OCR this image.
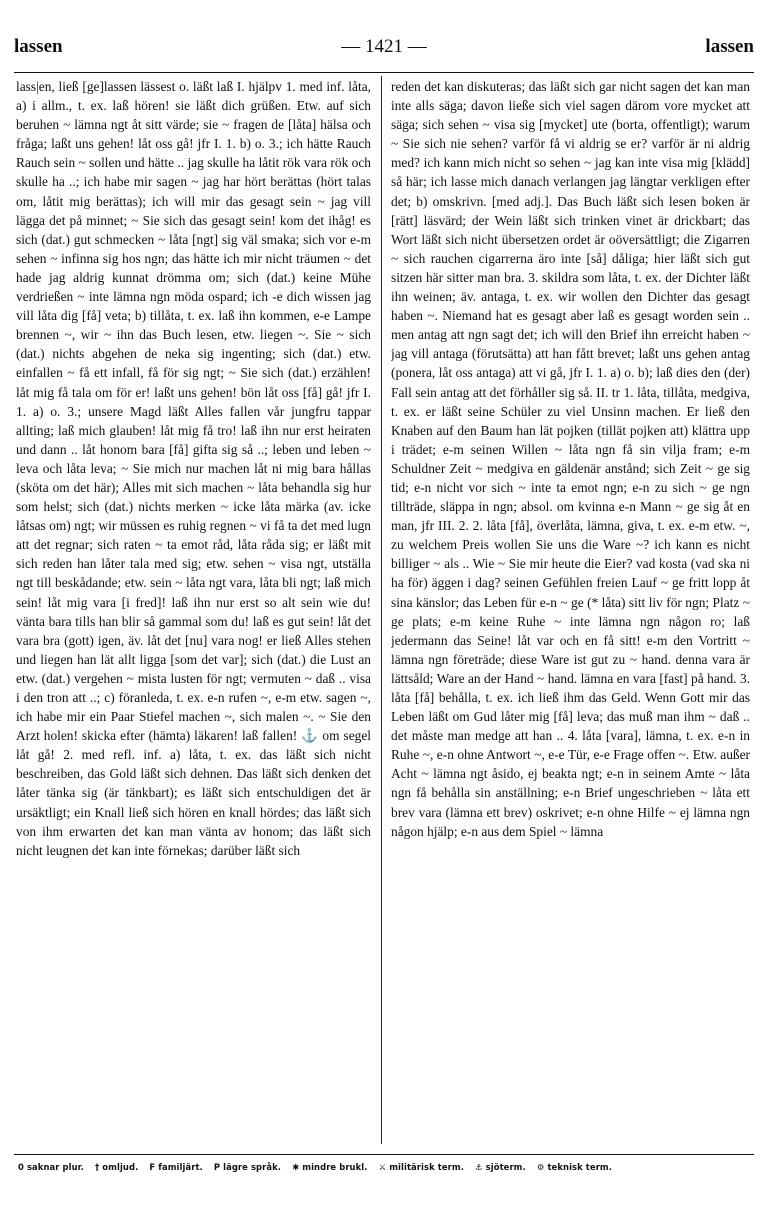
lassen	— 1421 —	lassen

lass|en, ließ [ge]lassen lässest o. läßt laß I. hjälpv 1. med inf. låta, a) i allm., t. ex. laß hören! sie läßt dich grüßen. Etw. auf sich beruhen ~ lämna ngt åt sitt värde; sie ~ fragen de [låta] hälsa och fråga; laßt uns gehen! låt oss gå! jfr I. 1. b) o. 3.; ich hätte Rauch Rauch sein ~ sollen und hätte .. jag skulle ha låtit rök vara rök och skulle ha ..; ich habe mir sagen ~ jag har hört berättas (hört talas om, låtit mig berättas); ich will mir das gesagt sein ~ jag vill lägga det på minnet; ~ Sie sich das gesagt sein! kom det ihåg! es sich (dat.) gut schmecken ~ låta [ngt] sig väl smaka; sich vor e-m sehen ~ infinna sig hos ngn; das hätte ich mir nicht träumen ~ det hade jag aldrig kunnat drömma om; sich (dat.) keine Mühe verdrießen ~ inte lämna ngn möda ospard; ich -e dich wissen jag vill låta dig [få] veta; b) tillåta, t. ex. laß ihn kommen, e-e Lampe brennen ~, wir ~ ihn das Buch lesen, etw. liegen ~. Sie ~ sich (dat.) nichts abgehen de neka sig ingenting; sich (dat.) etw. einfallen ~ få ett infall, få för sig ngt; ~ Sie sich (dat.) erzählen! låt mig få tala om för er! laßt uns gehen! bön låt oss [få] gå! jfr I. 1. a) o. 3.; unsere Magd läßt Alles fallen vår jungfru tappar allting; laß mich glauben! låt mig få tro! laß ihn nur erst heiraten und dann .. låt honom bara [få] gifta sig så ..; leben und leben ~ leva och låta leva; ~ Sie mich nur machen låt ni mig bara hållas (sköta om det här); Alles mit sich machen ~ låta behandla sig hur som helst; sich (dat.) nichts merken ~ icke låta märka (av. icke låtsas om) ngt; wir müssen es ruhig regnen ~ vi få ta det med lugn att det regnar; sich raten ~ ta emot råd, låta råda sig; er läßt mit sich reden han låter tala med sig; etw. sehen ~ visa ngt, utställa ngt till beskådande; etw. sein ~ låta ngt vara, låta bli ngt; laß mich sein! låt mig vara [i fred]! laß ihn nur erst so alt sein wie du! vänta bara tills han blir så gammal som du! laß es gut sein! låt det vara bra (gott) igen, äv. låt det [nu] vara nog! er ließ Alles stehen und liegen han lät allt ligga [som det var]; sich (dat.) die Lust an etw. (dat.) vergehen ~ mista lusten för ngt; vermuten ~ daß .. visa i den tron att ..; c) föranleda, t. ex. e-n rufen ~, e-m etw. sagen ~, ich habe mir ein Paar Stiefel machen ~, sich malen ~. ~ Sie den Arzt holen! skicka efter (hämta) läkaren! laß fallen! ⚓ om segel låt gå! 2. med refl. inf. a) låta, t. ex. das läßt sich nicht beschreiben, das Gold läßt sich dehnen. Das läßt sich denken det låter tänka sig (är tänkbart); es läßt sich entschuldigen det är ursäktligt; ein Knall ließ sich hören en knall hördes; das läßt sich von ihm erwarten det kan man vänta av honom; das läßt sich nicht leugnen det kan inte förnekas; darüber läßt sich

reden det kan diskuteras; das läßt sich gar nicht sagen det kan man inte alls säga; davon ließe sich viel sagen därom vore mycket att säga; sich sehen ~ visa sig [mycket] ute (borta, offentligt); warum ~ Sie sich nie sehen? varför få vi aldrig se er? varför är ni aldrig med? ich kann mich nicht so sehen ~ jag kan inte visa mig [klädd] så här; ich lasse mich danach verlangen jag längtar verkligen efter det; b) omskrivn. [med adj.]. Das Buch läßt sich lesen boken är [rätt] läsvärd; der Wein läßt sich trinken vinet är drickbart; das Wort läßt sich nicht übersetzen ordet är oöversättligt; die Zigarren ~ sich rauchen cigarrerna äro inte [så] dåliga; hier läßt sich gut sitzen här sitter man bra. 3. skildra som låta, t. ex. der Dichter läßt ihn weinen; äv. antaga, t. ex. wir wollen den Dichter das gesagt haben ~. Niemand hat es gesagt aber laß es gesagt worden sein .. men antag att ngn sagt det; ich will den Brief ihn erreicht haben ~ jag vill antaga (förutsätta) att han fått brevet; laßt uns gehen antag (ponera, låt oss antaga) att vi gå, jfr I. 1. a) o. b); laß dies den (der) Fall sein antag att det förhåller sig så. II. tr 1. låta, tillåta, medgiva, t. ex. er läßt seine Schüler zu viel Unsinn machen. Er ließ den Knaben auf den Baum han lät pojken (tillät pojken att) klättra upp i trädet; e-m seinen Willen ~ låta ngn få sin vilja fram; e-m Schuldner Zeit ~ medgiva en gäldenär anstånd; sich Zeit ~ ge sig tid; e-n nicht vor sich ~ inte ta emot ngn; e-n zu sich ~ ge ngn tillträde, släppa in ngn; absol. om kvinna e-n Mann ~ ge sig åt en man, jfr III. 2. 2. låta [få], överlåta, lämna, giva, t. ex. e-m etw. ~, zu welchem Preis wollen Sie uns die Ware ~? ich kann es nicht billiger ~ als .. Wie ~ Sie mir heute die Eier? vad kosta (vad ska ni ha för) äggen i dag? seinen Gefühlen freien Lauf ~ ge fritt lopp åt sina känslor; das Leben für e-n ~ ge (* låta) sitt liv för ngn; Platz ~ ge plats; e-m keine Ruhe ~ inte lämna ngn någon ro; laß jedermann das Seine! låt var och en få sitt! e-m den Vortritt ~ lämna ngn företräde; diese Ware ist gut zu ~ hand. denna vara är lättsåld; Ware an der Hand ~ hand. lämna en vara [fast] på hand. 3. låta [få] behålla, t. ex. ich ließ ihm das Geld. Wenn Gott mir das Leben läßt om Gud låter mig [få] leva; das muß man ihm ~ daß .. det måste man medge att han .. 4. låta [vara], lämna, t. ex. e-n in Ruhe ~, e-n ohne Antwort ~, e-e Tür, e-e Frage offen ~. Etw. außer Acht ~ lämna ngt åsido, ej beakta ngt; e-n in seinem Amte ~ låta ngn få behålla sin anställning; e-n Brief ungeschrieben ~ låta ett brev vara (lämna ett brev) oskrivet; e-n ohne Hilfe ~ ej lämna ngn någon hjälp; e-n aus dem Spiel ~ lämna

0 saknar plur. † omljud. F familjärt. P lägre språk. ✱ mindre brukl. ⚔ militärisk term. ⚓ sjöterm. ⚙ teknisk term.
